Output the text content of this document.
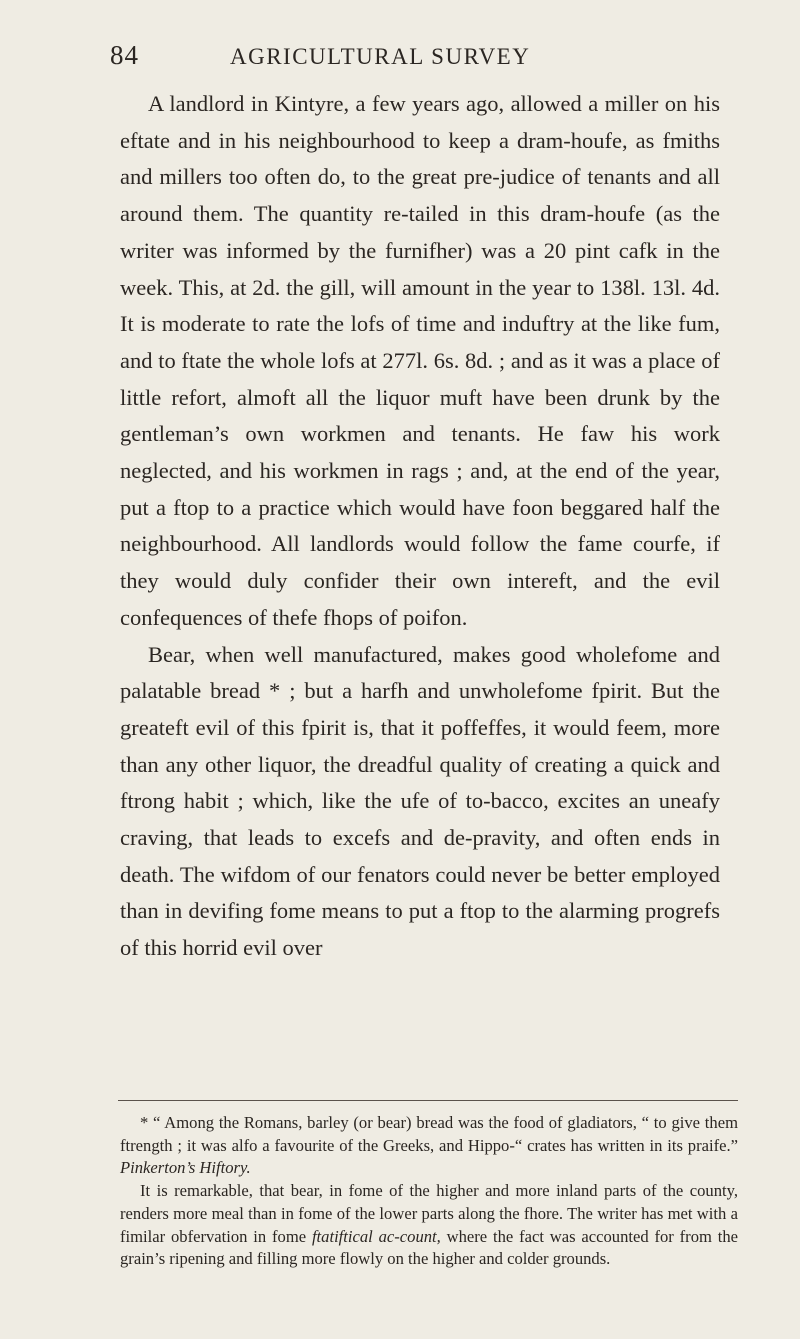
84	AGRICULTURAL SURVEY

A landlord in Kintyre, a few years ago, allowed a miller on his eftate and in his neighbourhood to keep a dram-houfe, as fmiths and millers too often do, to the great pre-judice of tenants and all around them. The quantity re-tailed in this dram-houfe (as the writer was informed by the furnifher) was a 20 pint cafk in the week. This, at 2d. the gill, will amount in the year to 138l. 13l. 4d. It is moderate to rate the lofs of time and induftry at the like fum, and to ftate the whole lofs at 277l. 6s. 8d. ; and as it was a place of little refort, almoft all the liquor muft have been drunk by the gentleman’s own workmen and tenants. He faw his work neglected, and his workmen in rags ; and, at the end of the year, put a ftop to a practice which would have foon beggared half the neighbourhood. All landlords would follow the fame courfe, if they would duly confider their own intereft, and the evil confequences of thefe fhops of poifon.

Bear, when well manufactured, makes good wholefome and palatable bread * ; but a harfh and unwholefome fpirit. But the greateft evil of this fpirit is, that it poffeffes, it would feem, more than any other liquor, the dreadful quality of creating a quick and ftrong habit ; which, like the ufe of to-bacco, excites an uneafy craving, that leads to excefs and de-pravity, and often ends in death. The wifdom of our fenators could never be better employed than in devifing fome means to put a ftop to the alarming progrefs of this horrid evil over

* “ Among the Romans, barley (or bear) bread was the food of gladiators, “ to give them ftrength ; it was alfo a favourite of the Greeks, and Hippo-“ crates has written in its praife.” Pinkerton’s Hiftory.

It is remarkable, that bear, in fome of the higher and more inland parts of the county, renders more meal than in fome of the lower parts along the fhore. The writer has met with a fimilar obfervation in fome ftatiftical ac-count, where the fact was accounted for from the grain’s ripening and filling more flowly on the higher and colder grounds.
